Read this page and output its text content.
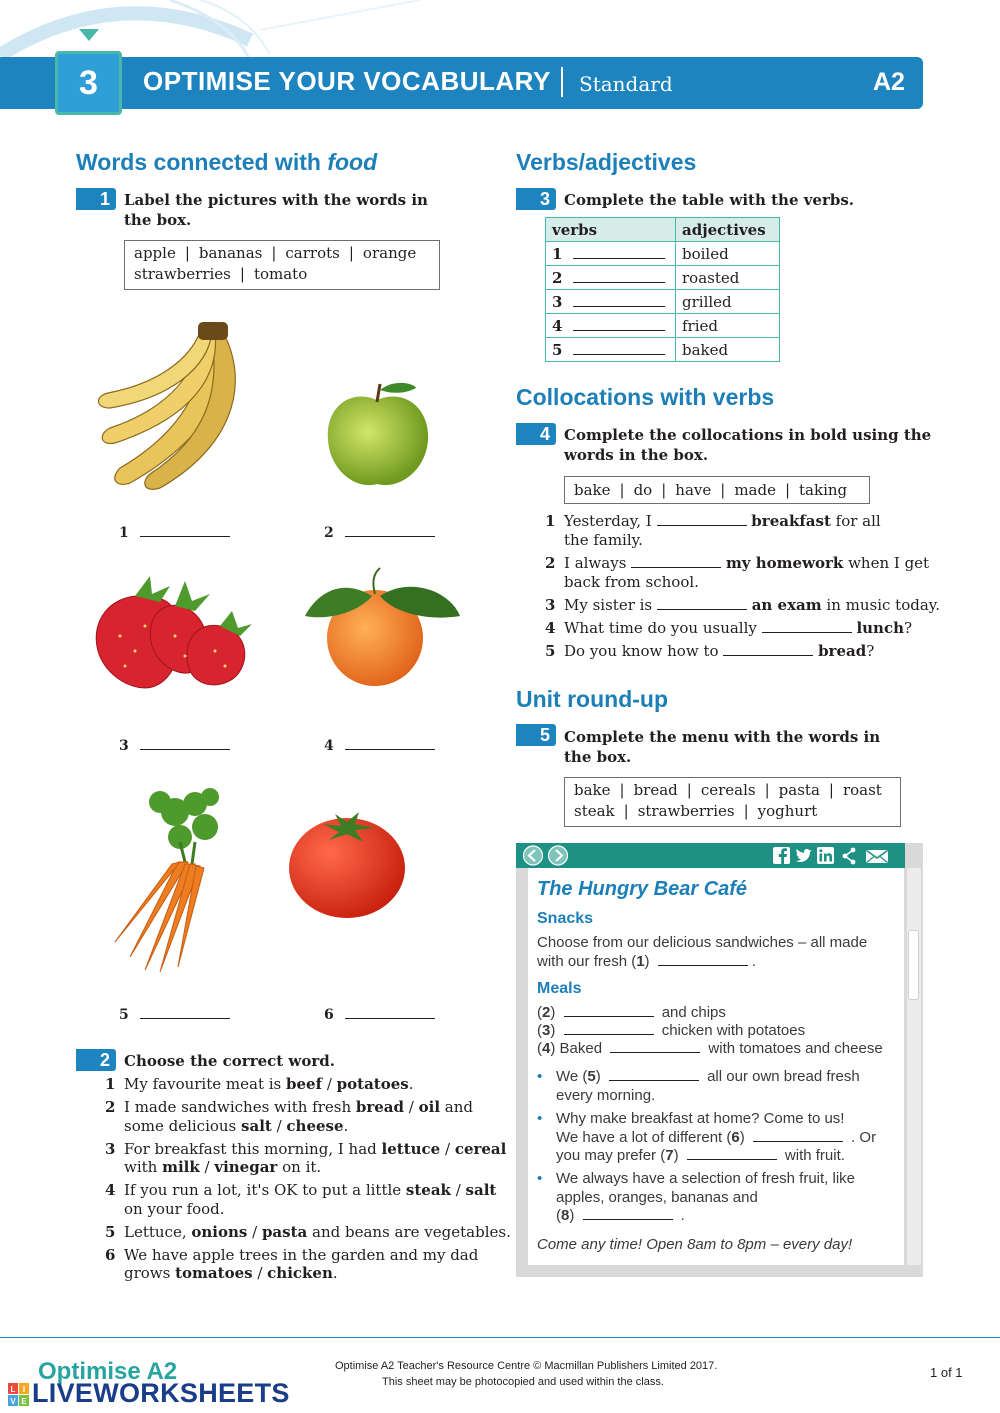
3	OPTIMISE YOUR VOCABULARY Standard	A2
Words connected with food
1 Label the pictures with the words in the box.
apple | bananas | carrots | orange
strawberries | tomato
1	2
3	4
5	6
2 Choose the correct word.
1 My favourite meat is beef / potatoes.
2 I made sandwiches with fresh bread / oil and
some delicious salt / cheese.
3 For breakfast this morning, I had lettuce / cereal
with milk / vinegar on it.
4 If you run a lot, it's OK to put a little steak / salt
on your food.
5 Lettuce, onions / pasta and beans are vegetables.
6 We have apple trees in the garden and my dad
grows tomatoes / chicken.
Verbs/adjectives
3 Complete the table with the verbs.
verbs	adjectives
1	boiled
2	roasted
3	grilled
4	fried
5	baked
Collocations with verbs
4 Complete the collocations in bold using the words in the box.
bake | do | have | made | taking
1 Yesterday, I	breakfast for all
the family.
2 I always	my homework when I get
back from school.
3 My sister is	an exam in music today.
4 What time do you usually	lunch?
5 Do you know how to	bread?
Unit round-up
5 Complete the menu with the words in the box.
bake | bread | cereals | pasta | roast
steak | strawberries | yoghurt
The Hungry Bear Café
Snacks
Choose from our delicious sandwiches – all made
with our fresh (1)	.
Meals
(2)	and chips
(3)	chicken with potatoes
(4) Baked	with tomatoes and cheese
• We (5)	all our own bread fresh
every morning.
• Why make breakfast at home? Come to us!
We have a lot of different (6)	. Or
you may prefer (7)	with fruit.
• We always have a selection of fresh fruit, like
apples, oranges, bananas and
(8)	.
Come any time! Open 8am to 8pm – every day!
Optimise A2
L I
V E LIVEWORKSHEETS
Optimise A2 Teacher's Resource Centre © Macmillan Publishers Limited 2017.
This sheet may be photocopied and used within the class.
1 of 1
